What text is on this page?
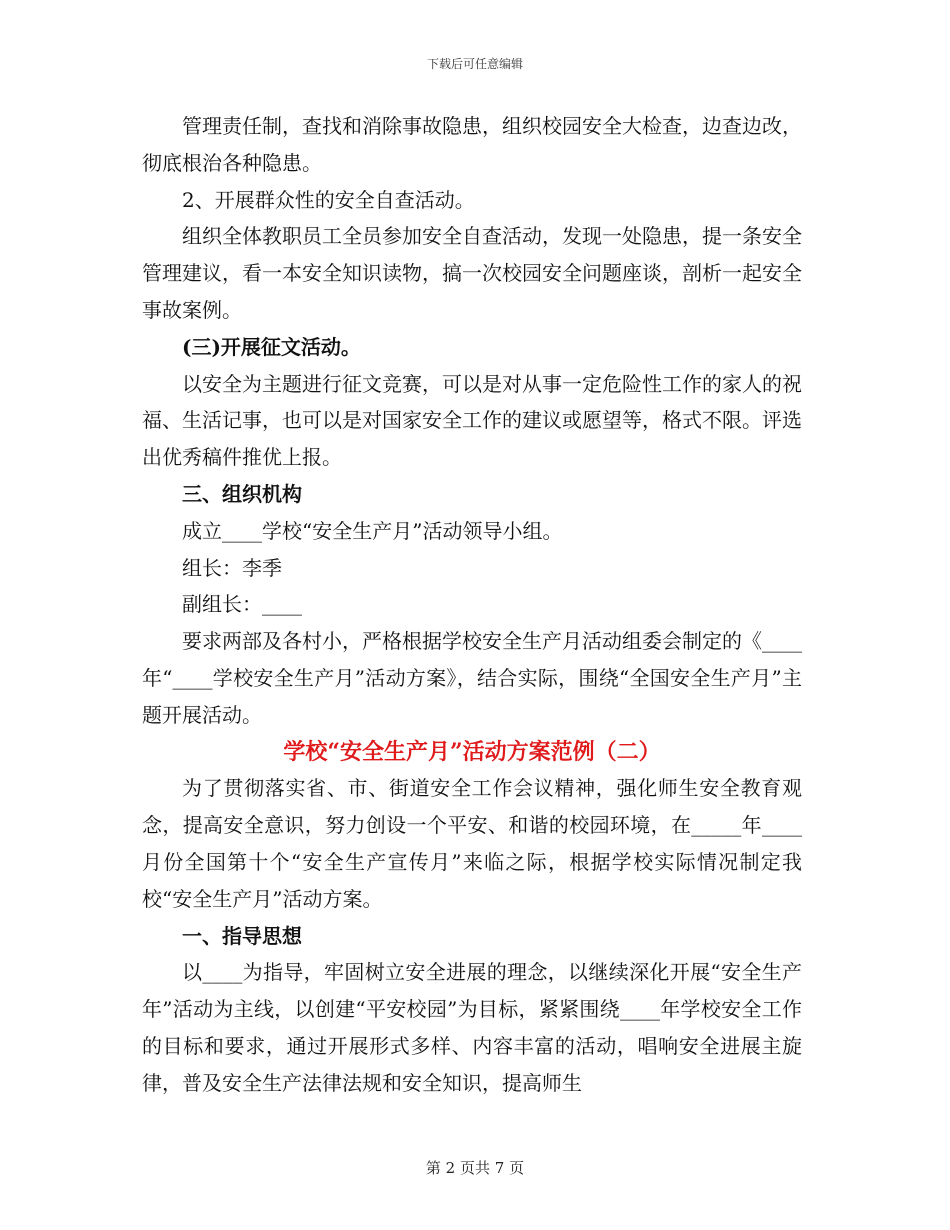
下载后可任意编辑

管理责任制，查找和消除事故隐患，组织校园安全大检查，边查边改，彻底根治各种隐患。

2、开展群众性的安全自查活动。

组织全体教职员工全员参加安全自查活动，发现一处隐患，提一条安全管理建议，看一本安全知识读物，搞一次校园安全问题座谈，剖析一起安全事故案例。

(三)开展征文活动。

以安全为主题进行征文竞赛，可以是对从事一定危险性工作的家人的祝福、生活记事，也可以是对国家安全工作的建议或愿望等，格式不限。评选出优秀稿件推优上报。

三、组织机构

成立____学校“安全生产月”活动领导小组。

组长：李季

副组长：____

要求两部及各村小，严格根据学校安全生产月活动组委会制定的《____年“____学校安全生产月”活动方案》，结合实际，围绕“全国安全生产月”主题开展活动。

学校“安全生产月”活动方案范例（二）

为了贯彻落实省、市、街道安全工作会议精神，强化师生安全教育观念，提高安全意识，努力创设一个平安、和谐的校园环境，在_____年____月份全国第十个“安全生产宣传月”来临之际，根据学校实际情况制定我校“安全生产月”活动方案。

一、指导思想

以____为指导，牢固树立安全进展的理念，以继续深化开展“安全生产年”活动为主线，以创建“平安校园”为目标，紧紧围绕____年学校安全工作的目标和要求，通过开展形式多样、内容丰富的活动，唱响安全进展主旋律，普及安全生产法律法规和安全知识，提高师生

第 2 页共 7 页
